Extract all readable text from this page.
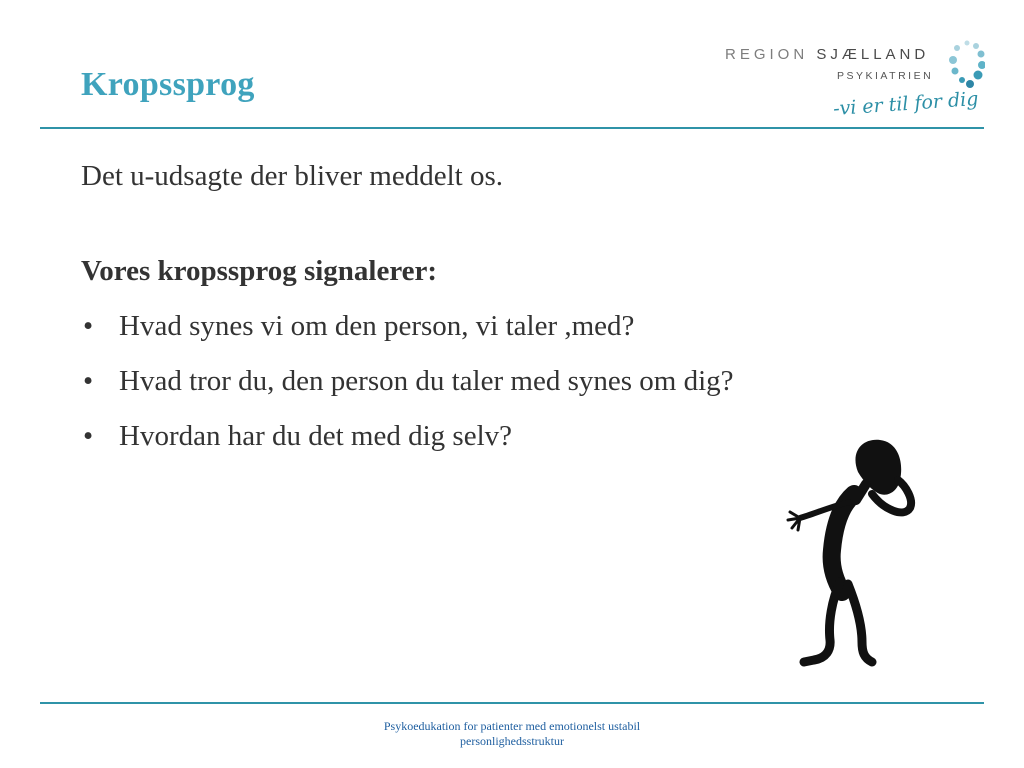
Kropssprog
REGION SJÆLLAND
PSYKIATRIEN
-vi er til for dig
Det u-udsagte der bliver meddelt os.
Vores kropssprog signalerer:
• Hvad synes vi om den person, vi taler ,med?
• Hvad tror du, den person du taler med synes om dig?
• Hvordan har du det med dig selv?
Psykoedukation for patienter med emotionelst ustabil
personlighedsstruktur
